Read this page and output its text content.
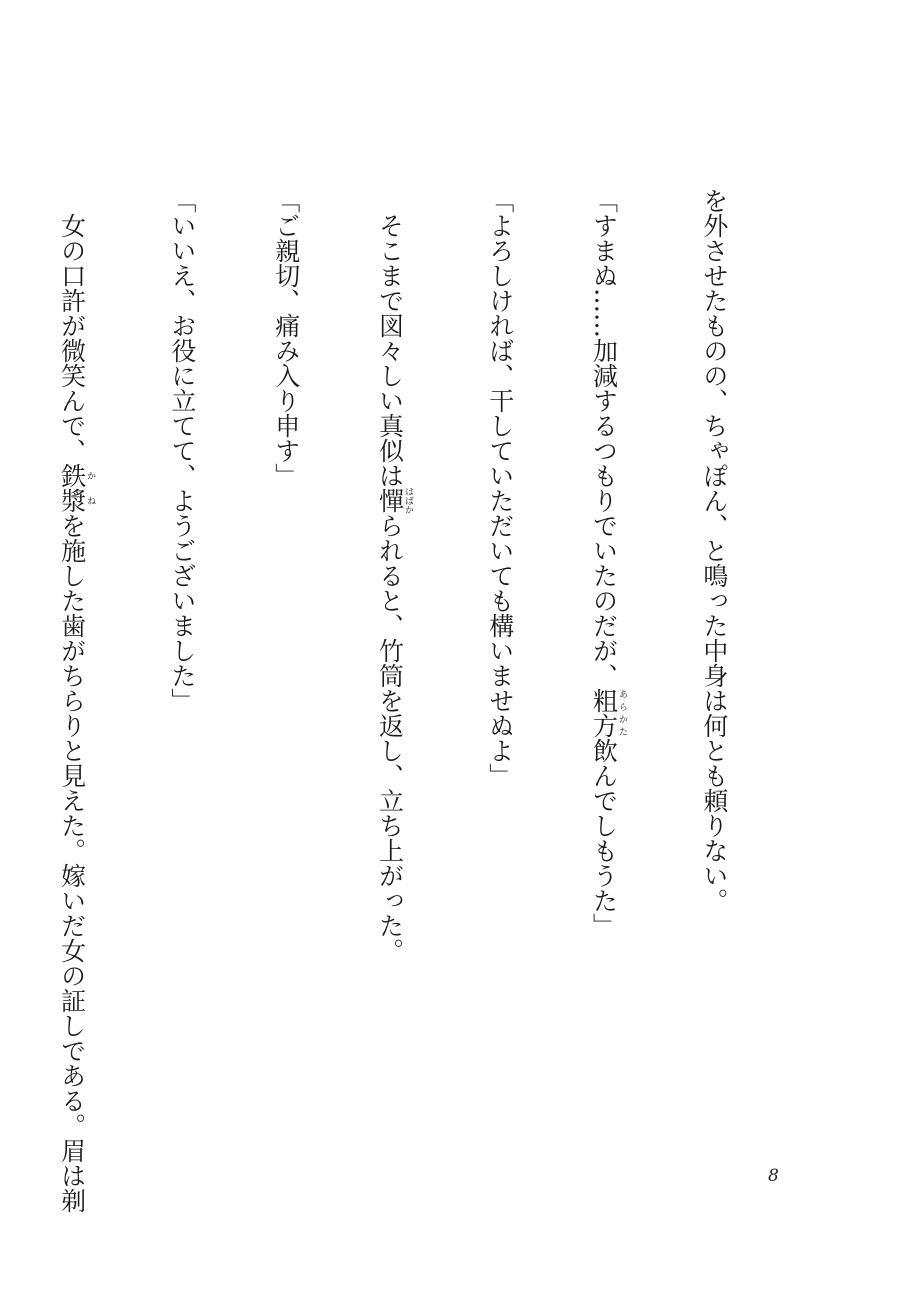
を外させたものの、ちゃぽん、と鳴った中身は何とも頼りない。

「すまぬ……加減するつもりでいたのだが、粗方あらかた飲んでしもうた」

「よろしければ、干していただいても構いませぬよ」

　そこまで図々しい真似は憚はばかられると、竹筒を返し、立ち上がった。

「ご親切、痛み入り申す」

「いいえ、お役に立てて、ようございました」

　女の口許が微笑んで、鉄漿かねを施した歯がちらりと見えた。嫁いだ女の証しである。眉は剃

	8
